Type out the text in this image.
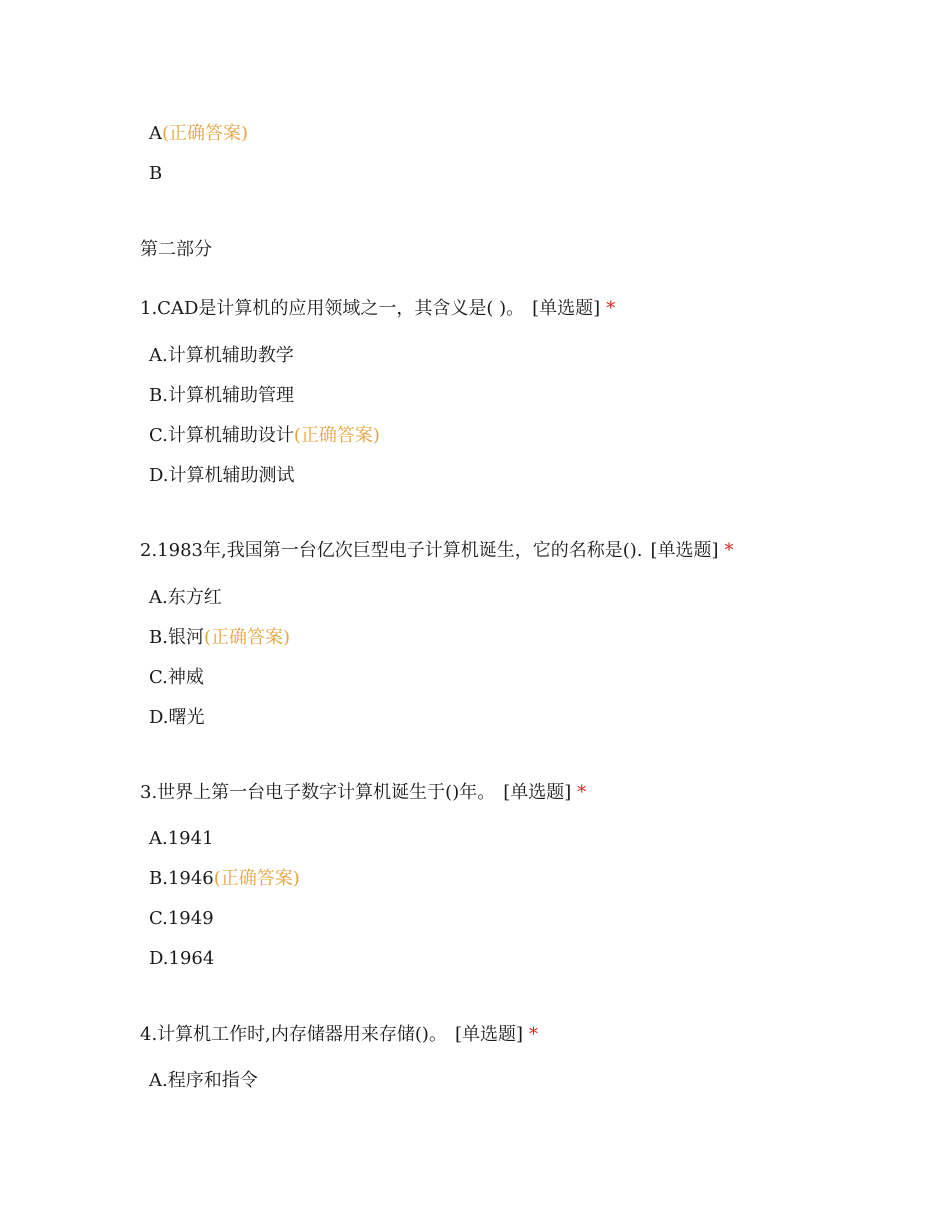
A(正确答案)
B
第二部分
1.CAD是计算机的应用领域之一，其含义是( )。 [单选题] *
A.计算机辅助教学
B.计算机辅助管理
C.计算机辅助设计(正确答案)
D.计算机辅助测试
2.1983年,我国第一台亿次巨型电子计算机诞生，它的名称是(). [单选题] *
A.东方红
B.银河(正确答案)
C.神威
D.曙光
3.世界上第一台电子数字计算机诞生于()年。 [单选题] *
A.1941
B.1946(正确答案)
C.1949
D.1964
4.计算机工作时,内存储器用来存储()。 [单选题] *
A.程序和指令
